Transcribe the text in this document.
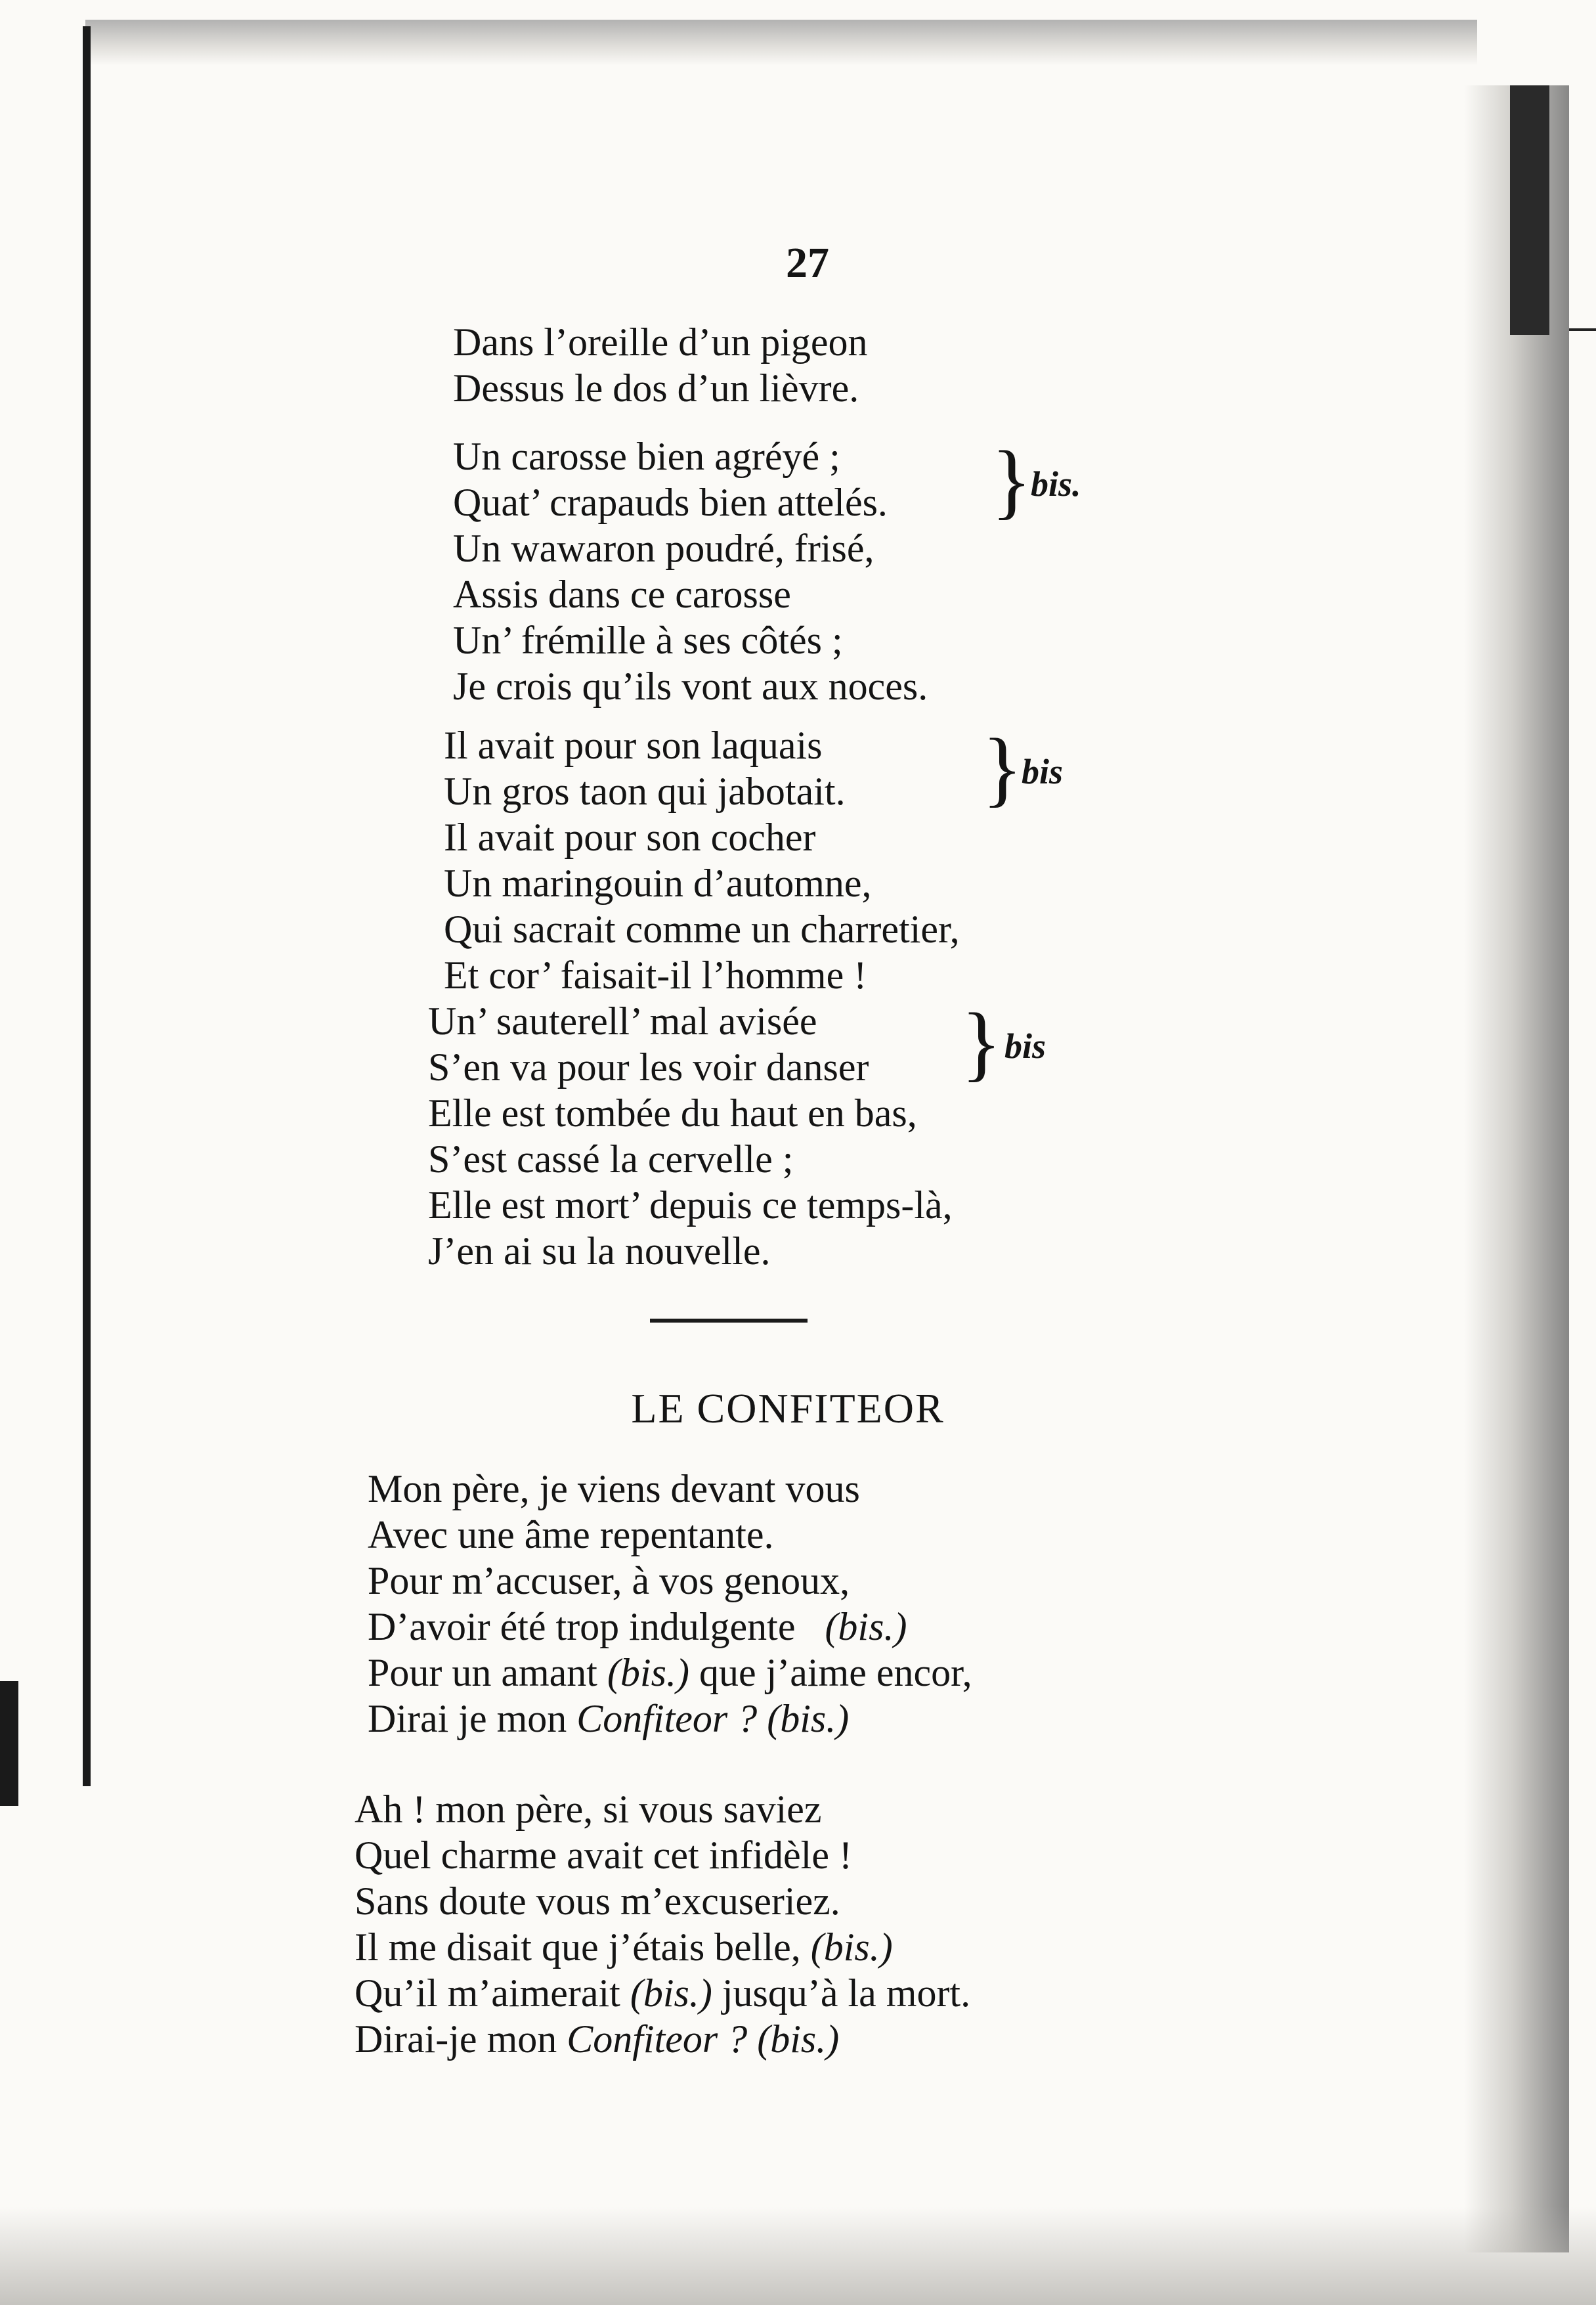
27
Dans l’oreille d’un pigeon
Dessus le dos d’un lièvre.
Un carosse bien agréyé ;
Quat’ crapauds bien attelés.
Un wawaron poudré, frisé,
Assis dans ce carosse
Un’ frémille à ses côtés ;
Je crois qu’ils vont aux noces.
}
bis.
Il avait pour son laquais
Un gros taon qui jabotait.
Il avait pour son cocher
Un maringouin d’automne,
Qui sacrait comme un charretier,
Et cor’ faisait-il l’homme !
}
bis
Un’ sauterell’ mal avisée
S’en va pour les voir danser
Elle est tombée du haut en bas,
S’est cassé la cervelle ;
Elle est mort’ depuis ce temps-là,
J’en ai su la nouvelle.
} bis
LE CONFITEOR
Mon père, je viens devant vous
Avec une âme repentante.
Pour m’accuser, à vos genoux,
D’avoir été trop indulgente (bis.)
Pour un amant (bis.) que j’aime encor,
Dirai je mon Confiteor ? (bis.)
Ah ! mon père, si vous saviez
Quel charme avait cet infidèle !
Sans doute vous m’excuseriez.
Il me disait que j’étais belle, (bis.)
Qu’il m’aimerait (bis.) jusqu’à la mort.
Dirai-je mon Confiteor ? (bis.)
